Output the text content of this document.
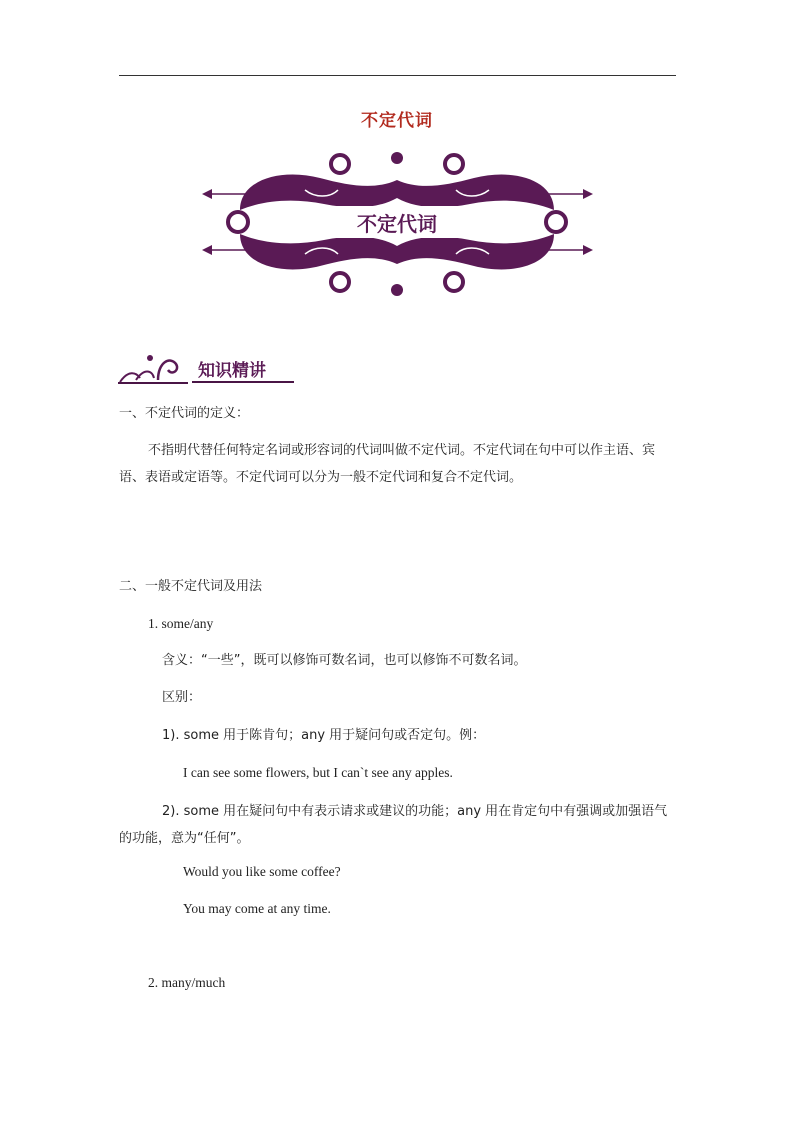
不定代词
不定代词
知识精讲
一、不定代词的定义：
不指明代替任何特定名词或形容词的代词叫做不定代词。不定代词在句中可以作主语、宾语、表语或定语等。不定代词可以分为一般不定代词和复合不定代词。
二、一般不定代词及用法
1. some/any
含义：“一些”，既可以修饰可数名词，也可以修饰不可数名词。
区别：
1). some 用于陈肯句；any 用于疑问句或否定句。例：
I can see some flowers, but I can`t see any apples.
2). some 用在疑问句中有表示请求或建议的功能；any 用在肯定句中有强调或加强语气的功能，意为“任何”。
Would you like some coffee?
You may come at any time.
2. many/much
